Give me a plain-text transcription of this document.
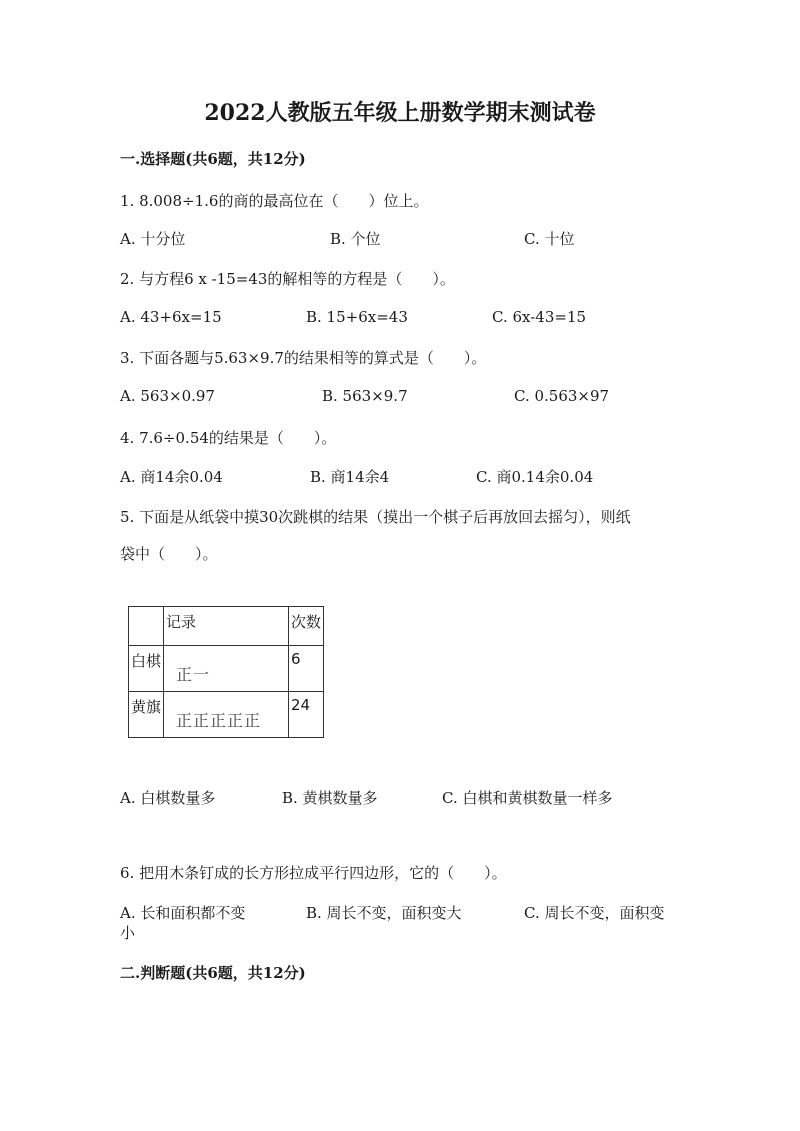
2022人教版五年级上册数学期末测试卷
一.选择题(共6题，共12分)
1. 8.008÷1.6的商的最高位在（　　）位上。
A. 十分位	B. 个位	C. 十位
2. 与方程6 x -15=43的解相等的方程是（　　）。
A. 43+6x=15	B. 15+6x=43	C. 6x-43=15
3. 下面各题与5.63×9.7的结果相等的算式是（　　）。
A. 563×0.97	B. 563×9.7	C. 0.563×97
4. 7.6÷0.54的结果是（　　）。
A. 商14余0.04	B. 商14余4	C. 商0.14余0.04
5. 下面是从纸袋中摸30次跳棋的结果（摸出一个棋子后再放回去摇匀），则纸
袋中（　　）。
	记录	次数
白棋	正一	6
黄旗	正正正正正	24
A. 白棋数量多	B. 黄棋数量多	C. 白棋和黄棋数量一样多
6. 把用木条钉成的长方形拉成平行四边形，它的（　　）。
A. 长和面积都不变	B. 周长不变，面积变大	C. 周长不变，面积变
小
二.判断题(共6题，共12分)
